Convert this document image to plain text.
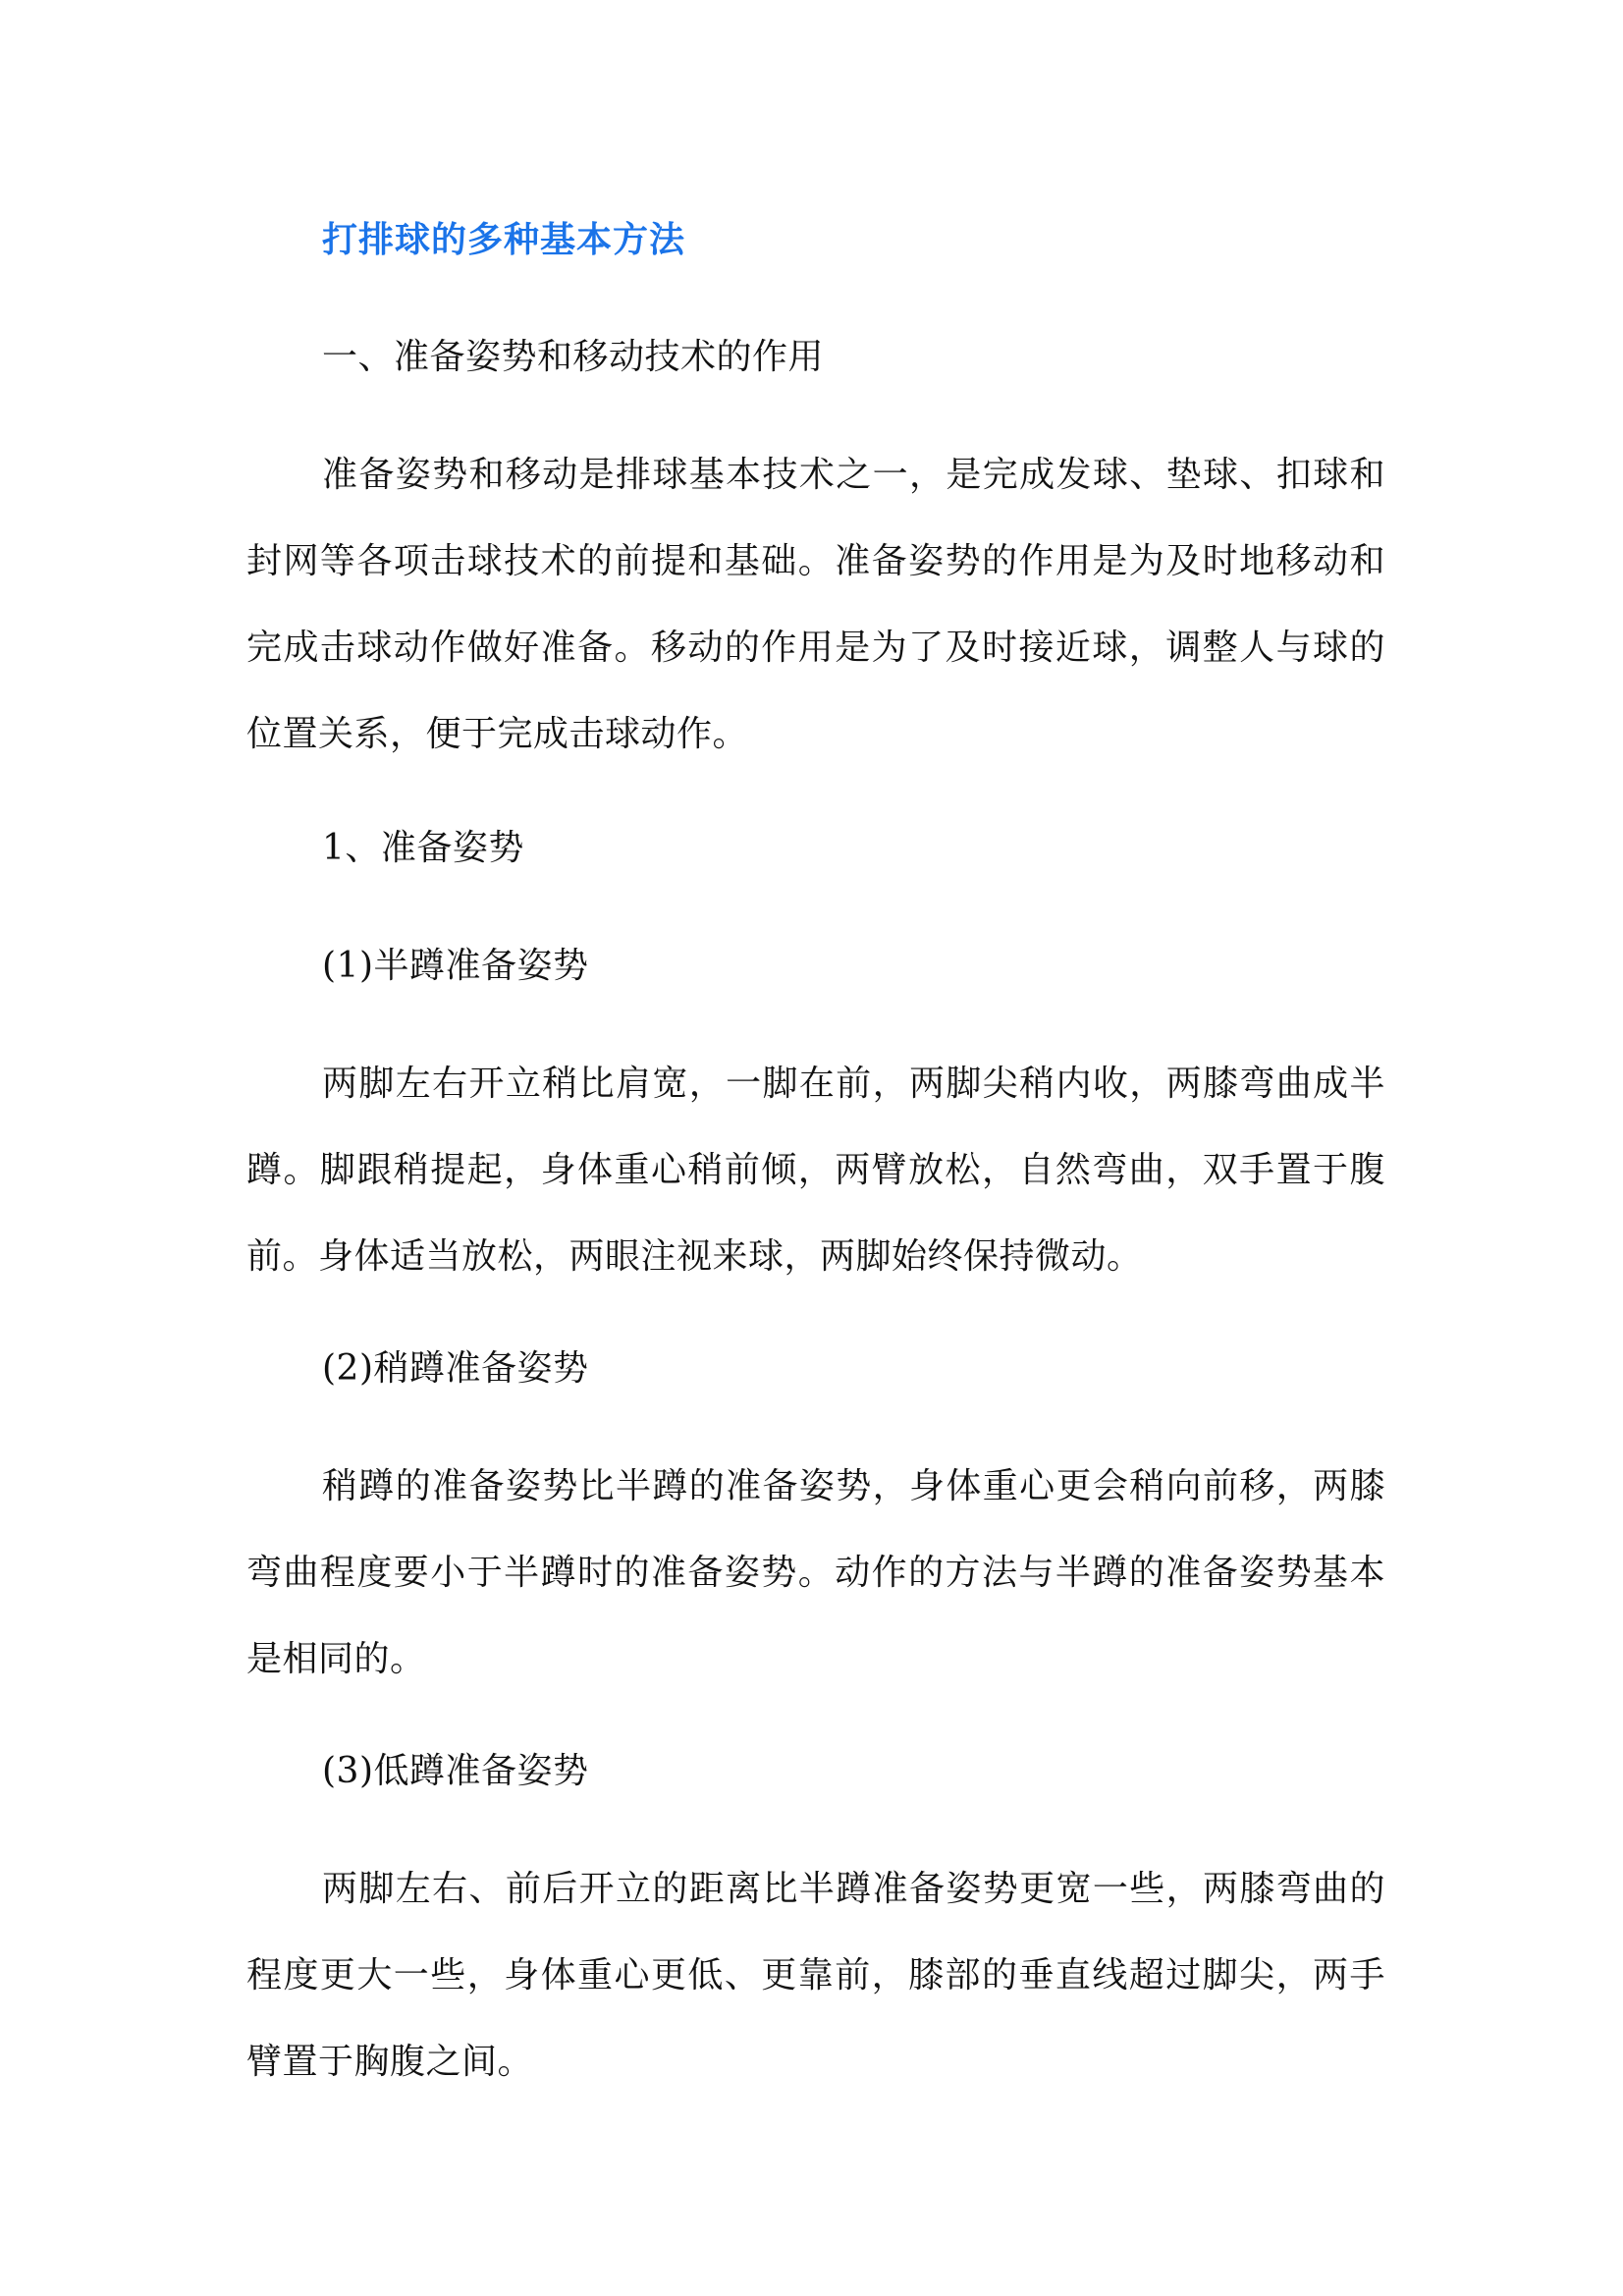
打排球的多种基本方法

一、准备姿势和移动技术的作用

准备姿势和移动是排球基本技术之一，是完成发球、垫球、扣球和封网等各项击球技术的前提和基础。准备姿势的作用是为及时地移动和完成击球动作做好准备。移动的作用是为了及时接近球，调整人与球的位置关系，便于完成击球动作。

1、准备姿势

(1)半蹲准备姿势

两脚左右开立稍比肩宽，一脚在前，两脚尖稍内收，两膝弯曲成半蹲。脚跟稍提起，身体重心稍前倾，两臂放松，自然弯曲，双手置于腹前。身体适当放松，两眼注视来球，两脚始终保持微动。

(2)稍蹲准备姿势

稍蹲的准备姿势比半蹲的准备姿势，身体重心更会稍向前移，两膝弯曲程度要小于半蹲时的准备姿势。动作的方法与半蹲的准备姿势基本是相同的。

(3)低蹲准备姿势

两脚左右、前后开立的距离比半蹲准备姿势更宽一些，两膝弯曲的程度更大一些，身体重心更低、更靠前，膝部的垂直线超过脚尖，两手臂置于胸腹之间。
